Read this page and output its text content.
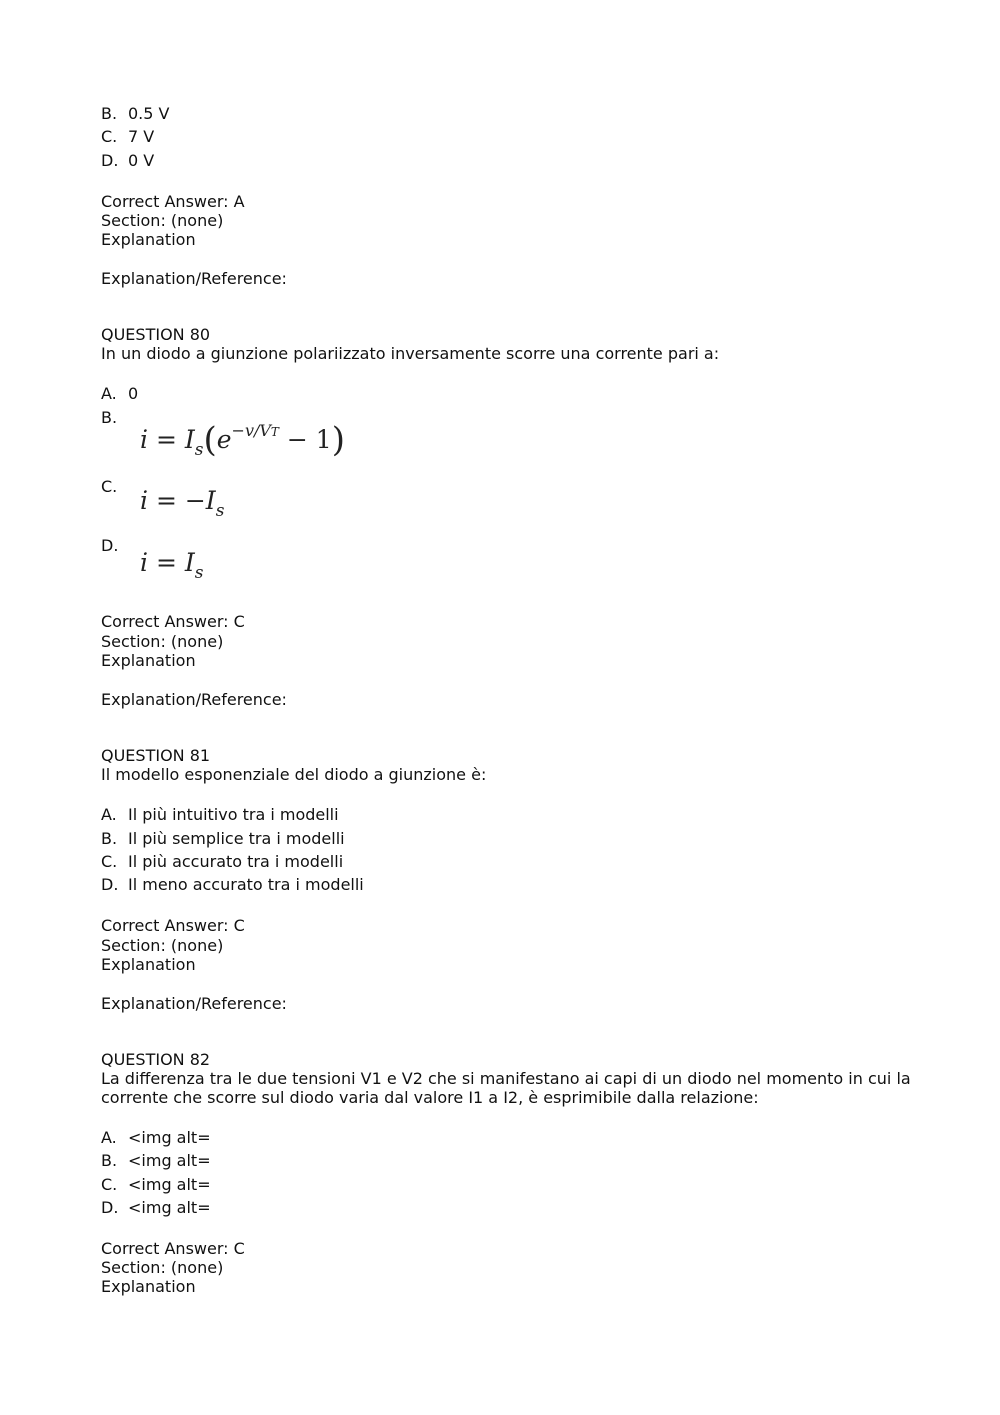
B. 0.5 V
C. 7 V
D. 0 V
Correct Answer: A
Section: (none)
Explanation
Explanation/Reference:
QUESTION 80
In un diodo a giunzione polariizzato inversamente scorre una corrente pari a:
A. 0
B.
$i = I_s(e^{-v/VT} - 1)$
C. $i = -I_s$
D.
$i = I_s$
Correct Answer: C
Section: (none)
Explanation
Explanation/Reference:
QUESTION 81
Il modello esponenziale del diodo a giunzione è:
A. Il più intuitivo tra i modelli
B. Il più semplice tra i modelli
C. Il più accurato tra i modelli
D. Il meno accurato tra i modelli
Correct Answer: C
Section: (none)
Explanation
Explanation/Reference:
QUESTION 82
La differenza tra le due tensioni V1 e V2 che si manifestano ai capi di un diodo nel momento in cui la
corrente che scorre sul diodo varia dal valore I1 a I2, è esprimibile dalla relazione:
A. <img alt=
B. <img alt=
C. <img alt=
D. <img alt=
Correct Answer: C
Section: (none)
Explanation
